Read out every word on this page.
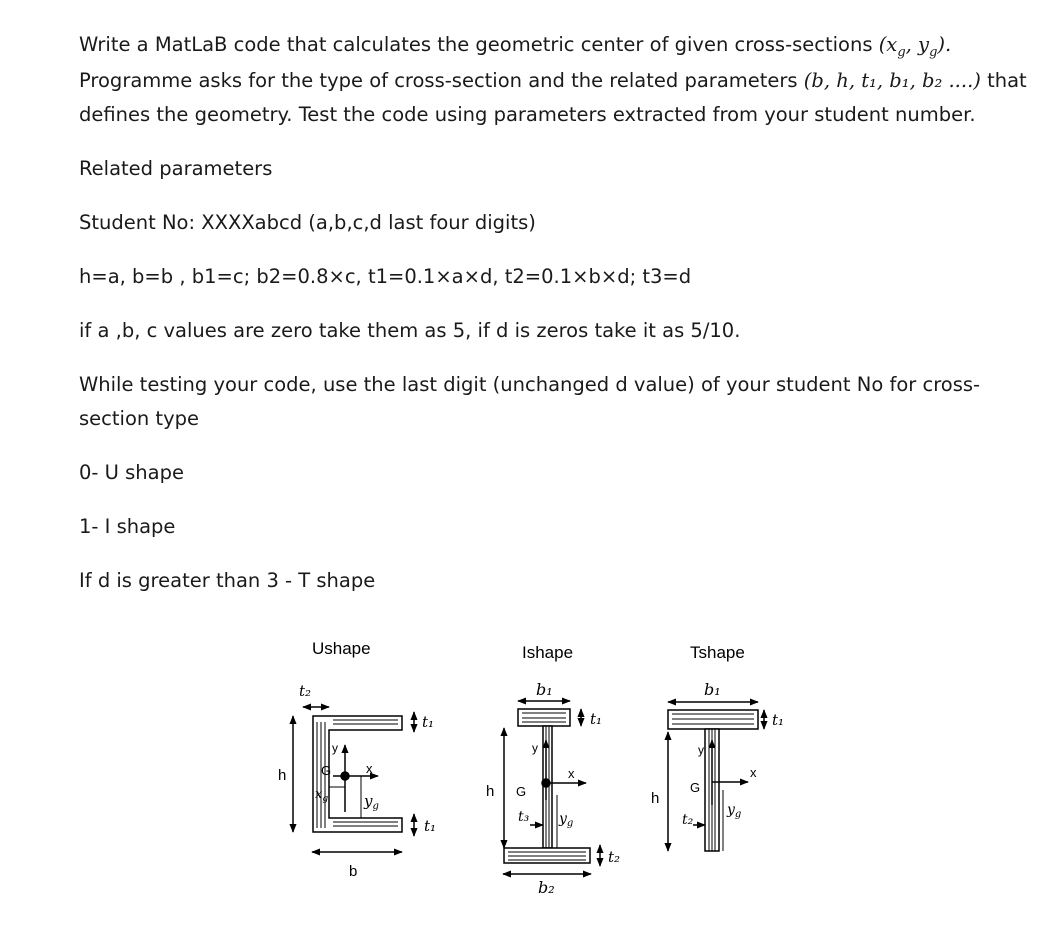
Write a MatLaB code that calculates the geometric center of given cross-sections ($x_g$, $y_g$).

Programme asks for the type of cross-section and the related parameters (b, h, t₁, b₁, b₂ ....) that

defines the geometry. Test the code using parameters extracted from your student number.

Related parameters

Student No: XXXXabcd (a,b,c,d last four digits)

h=a, b=b , b1=c; b2=0.8×c, t1=0.1×a×d, t2=0.1×b×d; t3=d

if a ,b, c values are zero take them as 5, if d is zeros take it as 5/10.

While testing your code, use the last digit (unchanged d value) of your student No for cross-

section type

0- U shape

1- I shape

If d is greater than 3 - T shape

Ushape
t₂
h
b
t₁
t₁
G	x
y
$x_g$ $y_g$
Ishape
b₁
t₁
t₂
b₂
h G
x
y
t₃ $y_g$
Tshape
b₁
t₁
h
G
x
y
t₂
$y_g$
